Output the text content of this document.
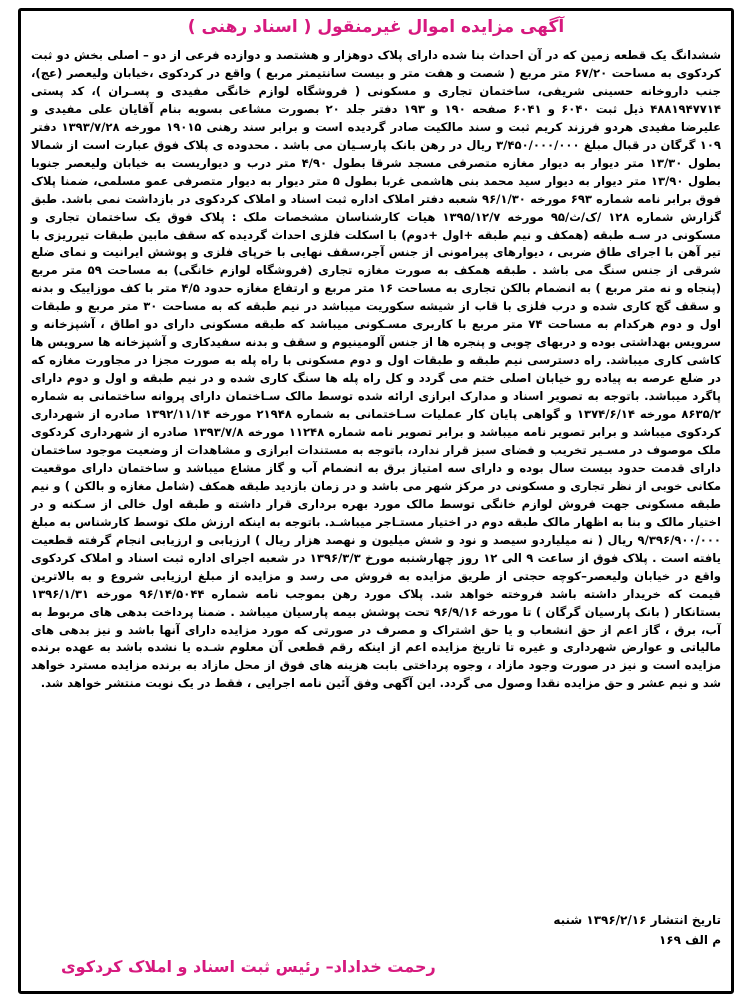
آگهی مزایده اموال غیرمنقول ( اسناد رهنی )

ششدانگ یک قطعه زمین که در آن احداث بنا شده دارای پلاک دوهزار و هشتصد و دوازده فرعی از دو – اصلی بخش دو ثبت کردکوی به مساحت ۶۷/۲۰ متر مربع ( شصت و هفت متر و بیست سانتیمتر مربع ) واقع در کردکوی ،خیابان ولیعصر (عج)، جنب داروخانه حسینی شریفی، ساختمان تجاری و مسکونی ( فروشگاه لوازم خانگی مفیدی و پسـران )، کد پستی ۴۸۸۱۹۴۷۷۱۴ ذیل ثبت ۶۰۴۰ و ۶۰۴۱ صفحه ۱۹۰ و ۱۹۳ دفتر جلد ۲۰ بصورت مشاعی بسویه بنام آقایان علی مفیدی و علیرضا مفیدی هردو فرزند کریم ثبت و سند مالکیت صادر گردیده است و برابر سند رهنی ۱۹۰۱۵ مورخه ۱۳۹۳/۷/۲۸ دفتر ۱۰۹ گرگان در قبال مبلغ ۳/۴۵۰/۰۰۰/۰۰۰ ریال در رهن بانک پارسـیان می باشد . محدوده ی پلاک فوق عبارت است از شمالا بطول ۱۳/۳۰ متر دیوار به دیوار مغازه متصرفی مسجد شرقا بطول ۴/۹۰ متر درب و دیواریست به خیابان ولیعصر جنوبا بطول ۱۳/۹۰ متر دیوار به دیوار سید محمد بنی هاشمی غربا بطول ۵ متر دیوار به دیوار متصرفی عمو مسلمی، ضمنا پلاک فوق برابر نامه شماره ۶۹۳ مورخه ۹۶/۱/۳۰ شعبه دفتر املاک اداره ثبت اسناد و املاک کردکوی در بازداشت نمی باشد. طبق گزارش شماره ۱۲۸ /ک/ث/۹۵ مورخه ۱۳۹۵/۱۲/۷ هیات کارشناسان مشخصات ملک : پلاک فوق یک ساختمان تجاری و مسکونی در سـه طبقه (همکف و نیم طبقه +اول +دوم) با اسکلت فلزی احداث گردیده که سقف مابین طبقات تیرریزی با تیر آهن با اجرای طاق ضربی ، دیوارهای پیرامونی از جنس آجر،سقف نهایی با خرپای فلزی و پوشش ایرانیت و نمای ضلع شرقی از جنس سنگ می باشد . طبقه همکف به صورت مغازه تجاری (فروشگاه لوازم خانگی) به مساحت ۵۹ متر مربع (پنجاه و نه متر مربع ) به انضمام بالکن تجاری به مساحت ۱۶ متر مربع و ارتفاع مغازه حدود ۴/۵ متر با کف موزاییک و بدنه و سقف گچ کاری شده و درب فلزی با قاب از شیشه سکوریت میباشد در نیم طبقه که به مساحت ۳۰ متر مربع و طبقات اول و دوم هرکدام به مساحت ۷۴ متر مربع با کاربری مسـکونی میباشد که طبقه مسکونی دارای دو اطاق ، آشپزخانه و سرویس بهداشتی بوده و دربهای چوبی و پنجره ها از جنس آلومینیوم و سقف و بدنه سفیدکاری و آشپزخانه ها سرویس ها کاشی کاری میباشد. راه دسترسی نیم طبقه و طبقات اول و دوم مسکونی با راه پله به صورت مجزا در مجاورت مغازه که در ضلع عرصه به پیاده رو خیابان اصلی ختم می گردد و کل راه پله ها سنگ کاری شده و در نیم طبقه و اول و دوم دارای پاگرد میباشد. باتوجه به تصویر اسناد و مدارک ابرازی ارائه شده توسط مالک سـاختمان دارای پروانه ساختمانی به شماره ۸۶۳۵/۲ مورخه ۱۳۷۴/۶/۱۴ و گواهی پایان کار عملیات سـاختمانی به شماره ۲۱۹۴۸ مورخه ۱۳۹۲/۱۱/۱۴ صادره از شهرداری کردکوی میباشد و برابر تصویر نامه میباشد و برابر تصویر نامه شماره ۱۱۲۴۸ مورخه ۱۳۹۳/۷/۸ صادره از شهرداری کردکوی ملک موصوف در مسـیر تخریب و فضای سبز قرار ندارد، باتوجه به مستندات ابرازی و مشاهدات از وضعیت موجود ساختمان دارای قدمت حدود بیست سال بوده و دارای سه امتیاز برق به انضمام آب و گاز مشاع میباشد و ساختمان دارای موقعیت مکانی خوبی از نظر تجاری و مسکونی در مرکز شهر می باشد و در زمان بازدید طبقه همکف (شامل مغازه و بالکن ) و نیم طبقه مسکونی جهت فروش لوازم خانگی توسط مالک مورد بهره برداری قرار داشته و طبقه اول خالی از سـکنه و در اختیار مالک و بنا به اظهار مالک طبقه دوم در اختیار مستـاجر میباشـد. باتوجه به اینکه ارزش ملک توسط کارشناس به مبلغ ۹/۳۹۶/۹۰۰/۰۰۰ ریال ( نه میلیاردو سیصد و نود و شش میلیون و نهصد هزار ریال ) ارزیابی و ارزیابی انجام گرفته قطعیت یافته است . پلاک فوق از ساعت ۹ الی ۱۲ روز چهارشنبه مورخ ۱۳۹۶/۳/۳ در شعبه اجرای اداره ثبت اسناد و املاک کردکوی واقع در خیابان ولیعصر–کوچه حجتی از طریق مزایده به فروش می رسد و مزایده از مبلغ ارزیابی شروع و به بالاترین قیمت که خریدار داشته باشد فروخته خواهد شد. پلاک مورد رهن بموجب نامه شماره ۹۶/۱۴/۵۰۴۴ مورخه ۱۳۹۶/۱/۳۱ بستانکار ( بانک پارسیان گرگان ) تا مورخه ۹۶/۹/۱۶ تحت پوشش بیمه پارسیان میباشد . ضمنا پرداخت بدهی های مربوط به آب، برق ، گاز اعم از حق انشعاب و یا حق اشتراک و مصرف در صورتی که مورد مزایده دارای آنها باشد و نیز بدهی های مالیاتی و عوارض شهرداری و غیره تا تاریخ مزایده اعم از اینکه رقم قطعی آن معلوم شـده یا نشده باشد به عهده برنده مزایده است و نیز در صورت وجود مازاد ، وجوه پرداختی بابت هزینه های فوق از محل مازاد به برنده مزایده مسترد خواهد شد و نیم عشر و حق مزایده نقدا وصول می گردد. این آگهی وفق آئین نامه اجرایی ، فقط در یک نوبت منتشر خواهد شد.

تاریخ انتشار ۱۳۹۶/۲/۱۶ شنبه
م الف ۱۶۹
رحمت خداداد– رئیس ثبت اسناد و املاک کردکوی
